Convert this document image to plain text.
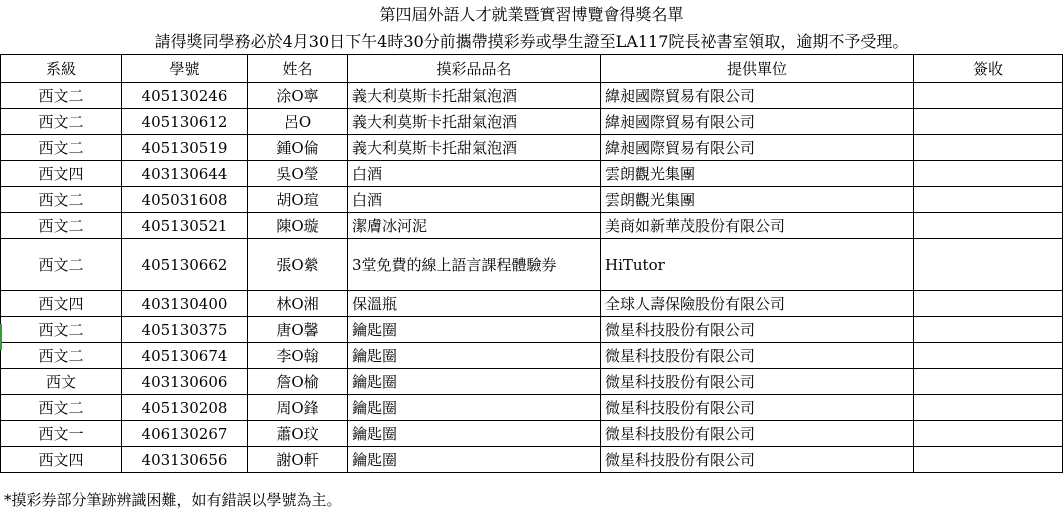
第四屆外語人才就業暨實習博覽會得獎名單
請得獎同學務必於4月30日下午4時30分前攜帶摸彩券或學生證至LA117院長祕書室領取，逾期不予受理。
系級	學號	姓名	摸彩品品名	提供單位	簽收
西文二	405130246	涂O寧	義大利莫斯卡托甜氣泡酒	緯昶國際貿易有限公司	
西文二	405130612	呂O	義大利莫斯卡托甜氣泡酒	緯昶國際貿易有限公司	
西文二	405130519	鍾O倫	義大利莫斯卡托甜氣泡酒	緯昶國際貿易有限公司	
西文四	403130644	吳O瑩	白酒	雲朗觀光集團	
西文二	405031608	胡O瑄	白酒	雲朗觀光集團	
西文二	405130521	陳O璇	潔膚冰河泥	美商如新華茂股份有限公司	
西文二	405130662	張O縈	3堂免費的線上語言課程體驗券	HiTutor	
西文四	403130400	林O湘	保溫瓶	全球人壽保險股份有限公司	
西文二	405130375	唐O馨	鑰匙圈	微星科技股份有限公司	
西文二	405130674	李O翰	鑰匙圈	微星科技股份有限公司	
西文	403130606	詹O榆	鑰匙圈	微星科技股份有限公司	
西文二	405130208	周O鋒	鑰匙圈	微星科技股份有限公司	
西文一	406130267	蕭O玟	鑰匙圈	微星科技股份有限公司	
西文四	403130656	謝O軒	鑰匙圈	微星科技股份有限公司	
*摸彩券部分筆跡辨識困難，如有錯誤以學號為主。
